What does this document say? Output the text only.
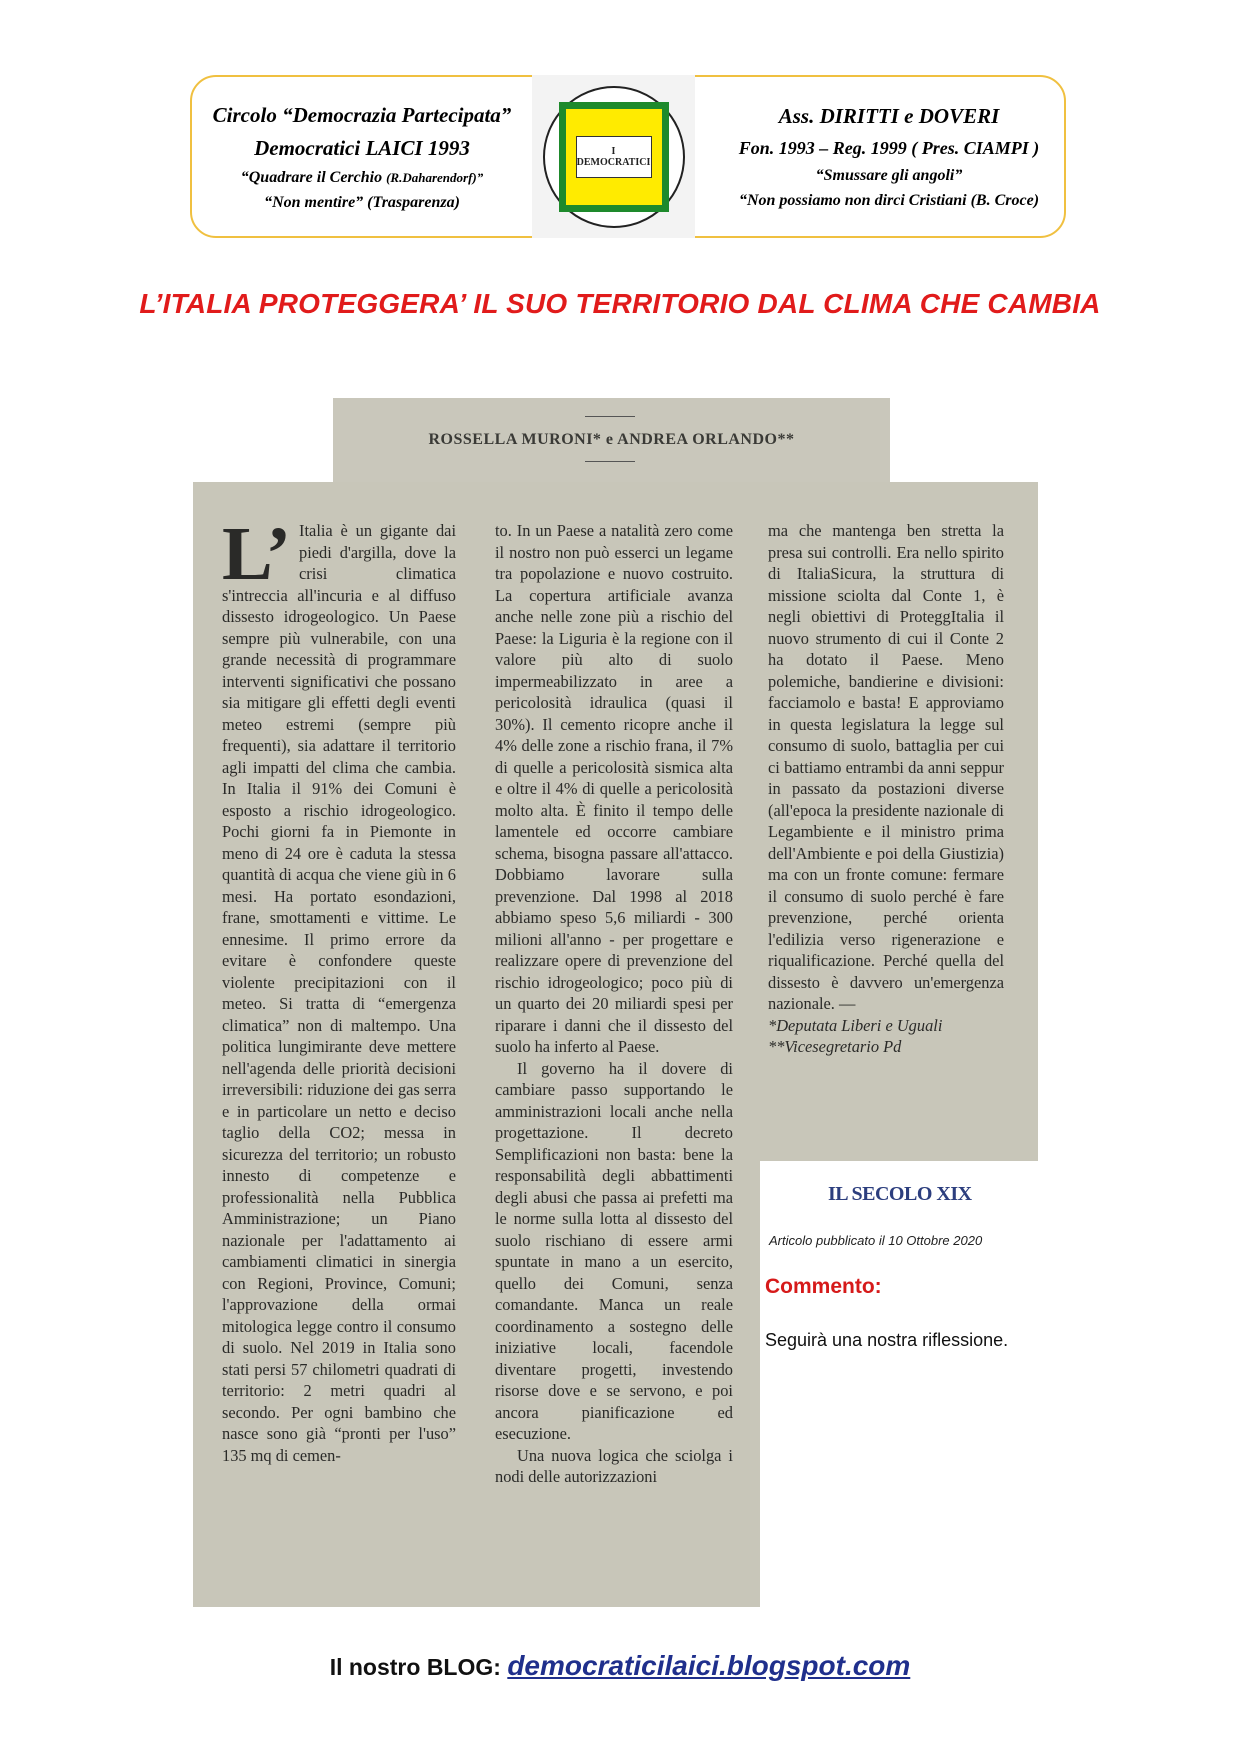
Circolo “Democrazia Partecipata”
Democratici LAICI 1993
“Quadrare il Cerchio (R.Daharendorf)”
“Non mentire” (Trasparenza)
I
DEMOCRATICI
Ass. DIRITTI e DOVERI
Fon. 1993 – Reg. 1999 ( Pres. CIAMPI )
“Smussare gli angoli”
“Non possiamo non dirci Cristiani (B. Croce)
L’ITALIA PROTEGGERA’ IL SUO TERRITORIO DAL CLIMA CHE CAMBIA
ROSSELLA MURONI* e ANDREA ORLANDO**
L’ Italia è un gigante dai piedi d'argilla, dove la crisi climatica s'intreccia all'incuria e al diffuso dissesto idrogeologico. Un Paese sempre più vulnerabile, con una grande necessità di programmare interventi significativi che possano sia mitigare gli effetti degli eventi meteo estremi (sempre più frequenti), sia adattare il territorio agli impatti del clima che cambia. In Italia il 91% dei Comuni è esposto a rischio idrogeologico. Pochi giorni fa in Piemonte in meno di 24 ore è caduta la stessa quantità di acqua che viene giù in 6 mesi. Ha portato esondazioni, frane, smottamenti e vittime. Le ennesime. Il primo errore da evitare è confondere queste violente precipitazioni con il meteo. Si tratta di “emergenza climatica” non di maltempo. Una politica lungimirante deve mettere nell'agenda delle priorità decisioni irreversibili: riduzione dei gas serra e in particolare un netto e deciso taglio della CO2; messa in sicurezza del territorio; un robusto innesto di competenze e professionalità nella Pubblica Amministrazione; un Piano nazionale per l'adattamento ai cambiamenti climatici in sinergia con Regioni, Province, Comuni; l'approvazione della ormai mitologica legge contro il consumo di suolo. Nel 2019 in Italia sono stati persi 57 chilometri quadrati di territorio: 2 metri quadri al secondo. Per ogni bambino che nasce sono già “pronti per l'uso” 135 mq di cemen-

to. In un Paese a natalità zero come il nostro non può esserci un legame tra popolazione e nuovo costruito. La copertura artificiale avanza anche nelle zone più a rischio del Paese: la Liguria è la regione con il valore più alto di suolo impermeabilizzato in aree a pericolosità idraulica (quasi il 30%). Il cemento ricopre anche il 4% delle zone a rischio frana, il 7% di quelle a pericolosità sismica alta e oltre il 4% di quelle a pericolosità molto alta. È finito il tempo delle lamentele ed occorre cambiare schema, bisogna passare all'attacco. Dobbiamo lavorare sulla prevenzione. Dal 1998 al 2018 abbiamo speso 5,6 miliardi - 300 milioni all'anno - per progettare e realizzare opere di prevenzione del rischio idrogeologico; poco più di un quarto dei 20 miliardi spesi per riparare i danni che il dissesto del suolo ha inferto al Paese.

Il governo ha il dovere di cambiare passo supportando le amministrazioni locali anche nella progettazione. Il decreto Semplificazioni non basta: bene la responsabilità degli abbattimenti degli abusi che passa ai prefetti ma le norme sulla lotta al dissesto del suolo rischiano di essere armi spuntate in mano a un esercito, quello dei Comuni, senza comandante. Manca un reale coordinamento a sostegno delle iniziative locali, facendole diventare progetti, investendo risorse dove e se servono, e poi ancora pianificazione ed esecuzione.

Una nuova logica che sciolga i nodi delle autorizzazioni

ma che mantenga ben stretta la presa sui controlli. Era nello spirito di ItaliaSicura, la struttura di missione sciolta dal Conte 1, è negli obiettivi di ProteggItalia il nuovo strumento di cui il Conte 2 ha dotato il Paese. Meno polemiche, bandierine e divisioni: facciamolo e basta! E approviamo in questa legislatura la legge sul consumo di suolo, battaglia per cui ci battiamo entrambi da anni seppur in passato da postazioni diverse (all'epoca la presidente nazionale di Legambiente e il ministro prima dell'Ambiente e poi della Giustizia) ma con un fronte comune: fermare il consumo di suolo perché è fare prevenzione, perché orienta l'edilizia verso rigenerazione e riqualificazione. Perché quella del dissesto è davvero un'emergenza nazionale. —

*Deputata Liberi e Uguali

**Vicesegretario Pd

IL SECOLO XIX
Articolo pubblicato il 10 Ottobre 2020
Commento:
Seguirà una nostra riflessione.
Il nostro BLOG: democraticilaici.blogspot.com
